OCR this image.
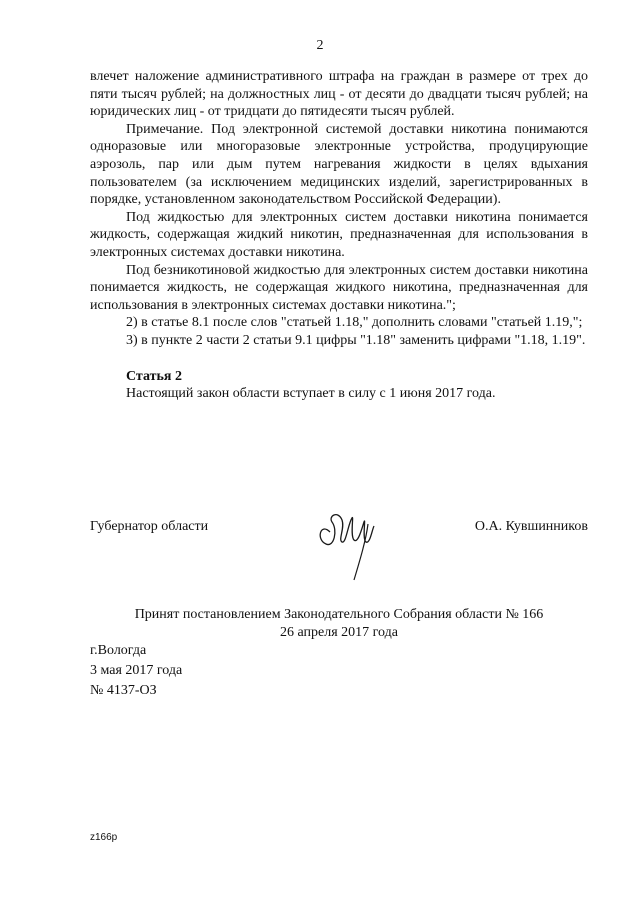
2

влечет наложение административного штрафа на граждан в размере от трех до пяти тысяч рублей; на должностных лиц - от десяти до двадцати тысяч рублей; на юридических лиц - от тридцати до пятидесяти тысяч рублей.

Примечание. Под электронной системой доставки никотина понимаются одноразовые или многоразовые электронные устройства, продуцирующие аэрозоль, пар или дым путем нагревания жидкости в целях вдыхания пользователем (за исключением медицинских изделий, зарегистрированных в порядке, установленном законодательством Российской Федерации).

Под жидкостью для электронных систем доставки никотина понимается жидкость, содержащая жидкий никотин, предназначенная для использования в электронных системах доставки никотина.

Под безникотиновой жидкостью для электронных систем доставки никотина понимается жидкость, не содержащая жидкого никотина, предназначенная для использования в электронных системах доставки никотина.";

2) в статье 8.1 после слов "статьей 1.18," дополнить словами "статьей 1.19,";

3) в пункте 2 части 2 статьи 9.1 цифры "1.18" заменить цифрами "1.18, 1.19".

Статья 2

Настоящий закон области вступает в силу с 1 июня 2017 года.

Губернатор области	О.А. Кувшинников
Принят постановлением Законодательного Собрания области № 166
26 апреля 2017 года
г.Вологда
3 мая 2017 года
№ 4137-ОЗ
z166p
